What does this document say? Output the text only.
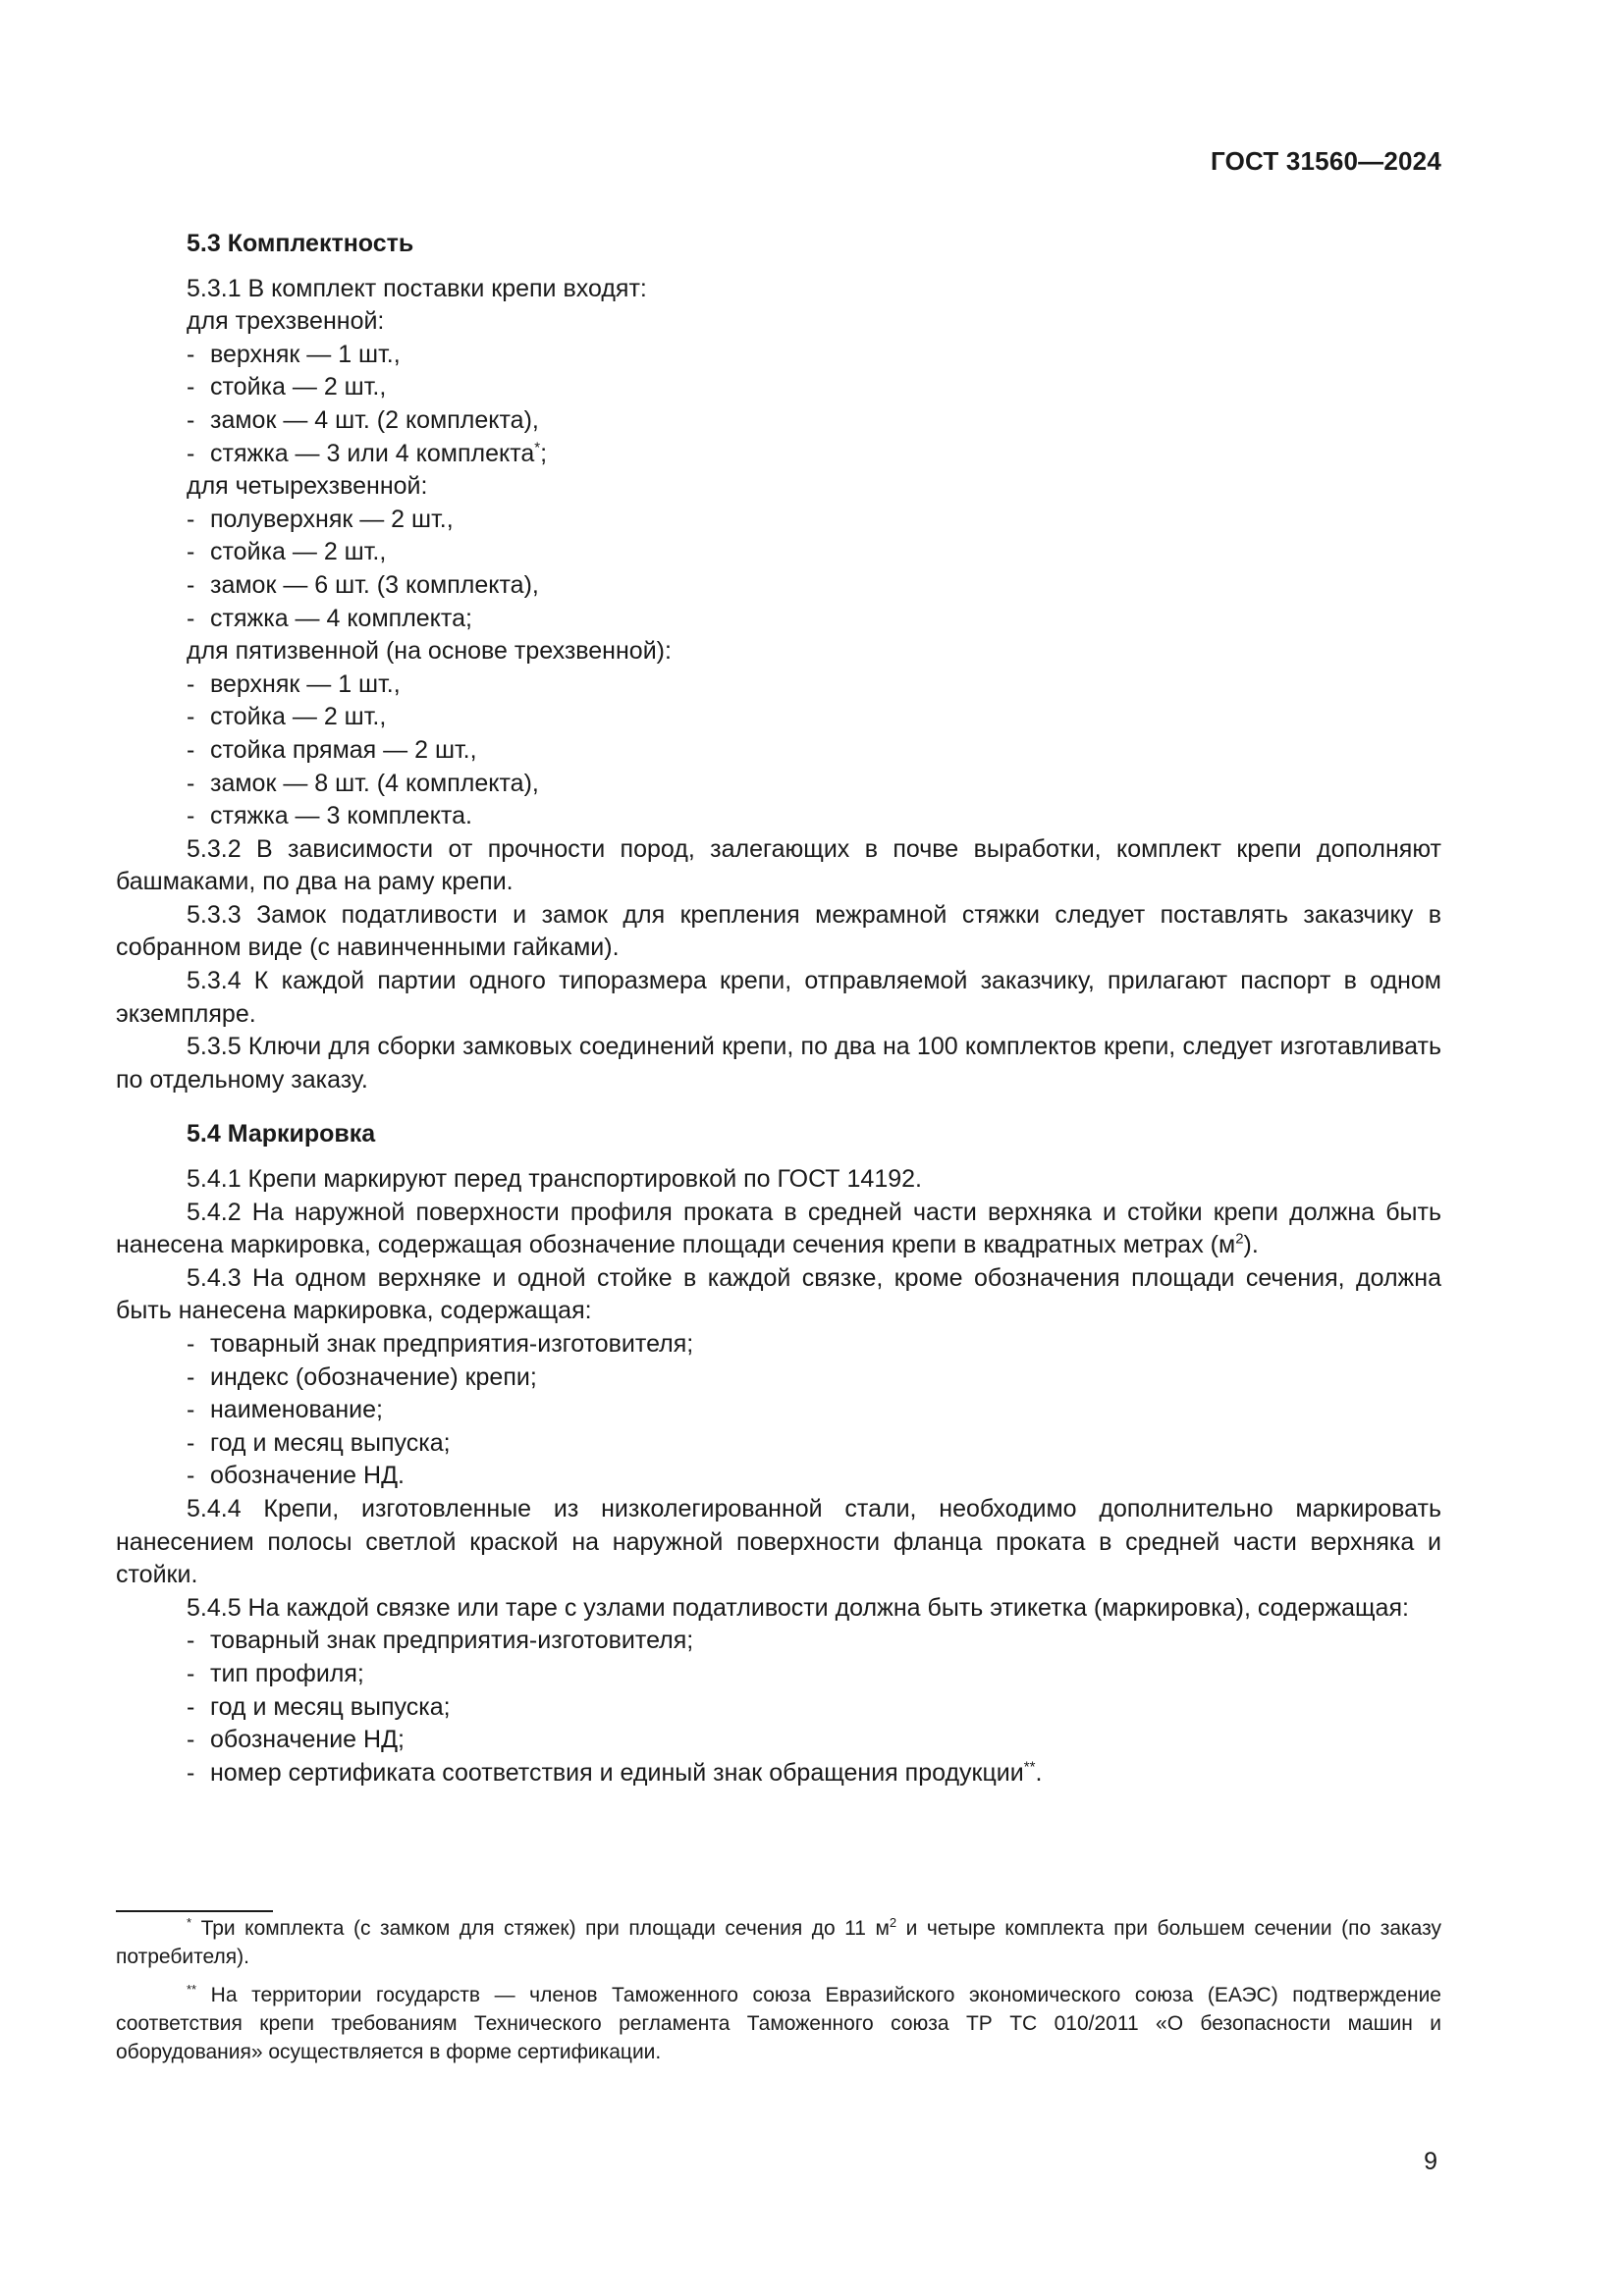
ГОСТ 31560—2024

5.3 Комплектность

5.3.1 В комплект поставки крепи входят:

для трехзвенной:

- верхняк — 1 шт.,

- стойка — 2 шт.,

- замок — 4 шт. (2 комплекта),

- стяжка — 3 или 4 комплекта*;

для четырехзвенной:

- полуверхняк — 2 шт.,

- стойка — 2 шт.,

- замок — 6 шт. (3 комплекта),

- стяжка — 4 комплекта;

для пятизвенной (на основе трехзвенной):

- верхняк — 1 шт.,

- стойка — 2 шт.,

- стойка прямая — 2 шт.,

- замок — 8 шт. (4 комплекта),

- стяжка — 3 комплекта.

5.3.2 В зависимости от прочности пород, залегающих в почве выработки, комплект крепи дополняют башмаками, по два на раму крепи.

5.3.3 Замок податливости и замок для крепления межрамной стяжки следует поставлять заказчику в собранном виде (с навинченными гайками).

5.3.4 К каждой партии одного типоразмера крепи, отправляемой заказчику, прилагают паспорт в одном экземпляре.

5.3.5 Ключи для сборки замковых соединений крепи, по два на 100 комплектов крепи, следует изготавливать по отдельному заказу.

5.4 Маркировка

5.4.1 Крепи маркируют перед транспортировкой по ГОСТ 14192.

5.4.2 На наружной поверхности профиля проката в средней части верхняка и стойки крепи должна быть нанесена маркировка, содержащая обозначение площади сечения крепи в квадратных метрах $(м^2)$.

5.4.3 На одном верхняке и одной стойке в каждой связке, кроме обозначения площади сечения, должна быть нанесена маркировка, содержащая:

- товарный знак предприятия-изготовителя;

- индекс (обозначение) крепи;

- наименование;

- год и месяц выпуска;

- обозначение НД.

5.4.4 Крепи, изготовленные из низколегированной стали, необходимо дополнительно маркировать нанесением полосы светлой краской на наружной поверхности фланца проката в средней части верхняка и стойки.

5.4.5 На каждой связке или таре с узлами податливости должна быть этикетка (маркировка), содержащая:

- товарный знак предприятия-изготовителя;

- тип профиля;

- год и месяц выпуска;

- обозначение НД;

- номер сертификата соответствия и единый знак обращения продукции**.

* Три комплекта (с замком для стяжек) при площади сечения до 11 $м^2$ и четыре комплекта при большем сечении (по заказу потребителя).

** На территории государств — членов Таможенного союза Евразийского экономического союза (ЕАЭС) подтверждение соответствия крепи требованиям Технического регламента Таможенного союза ТР ТС 010/2011 «О безопасности машин и оборудования» осуществляется в форме сертификации.

9
